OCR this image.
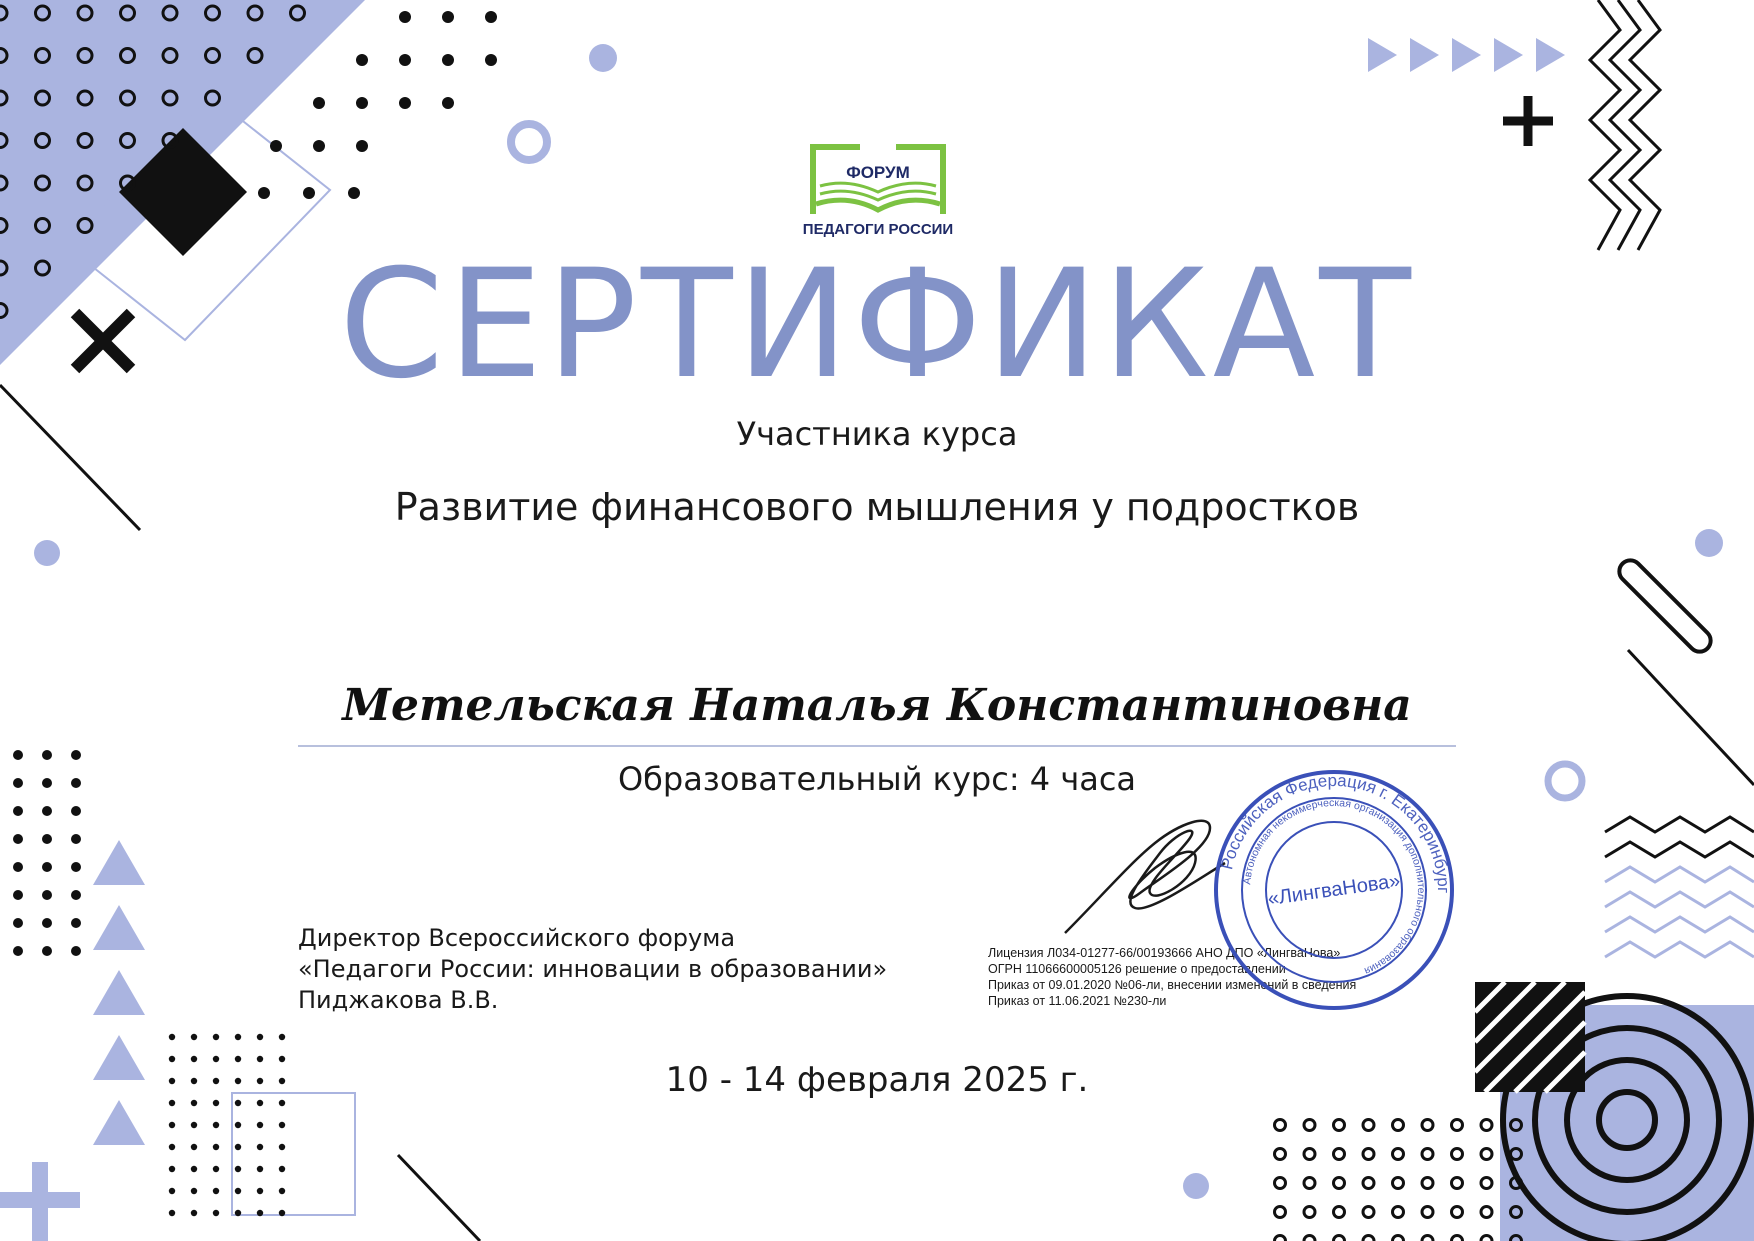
ФОРУМ
ПЕДАГОГИ РОССИИ
СЕРТИФИКАТ
Участника курса
Развитие финансового мышления у подростков
Метельская Наталья Константиновна
Образовательный курс: 4 часа
Директор Всероссийского форума
«Педагоги России: инновации в образовании»
Пиджакова В.В.
Лицензия Л034-01277-66/00193666 АНО ДПО «ЛингваНова»
ОГРН 11066600005126 решение о предоставлении
Приказ от 09.01.2020 №06-ли, внесении изменений в сведения
Приказ от 11.06.2021 №230-ли
Российская Федерация г. Екатеринбург
Автономная некоммерческая организация дополнительного образования
«ЛингваНова»
10 - 14 февраля 2025 г.
